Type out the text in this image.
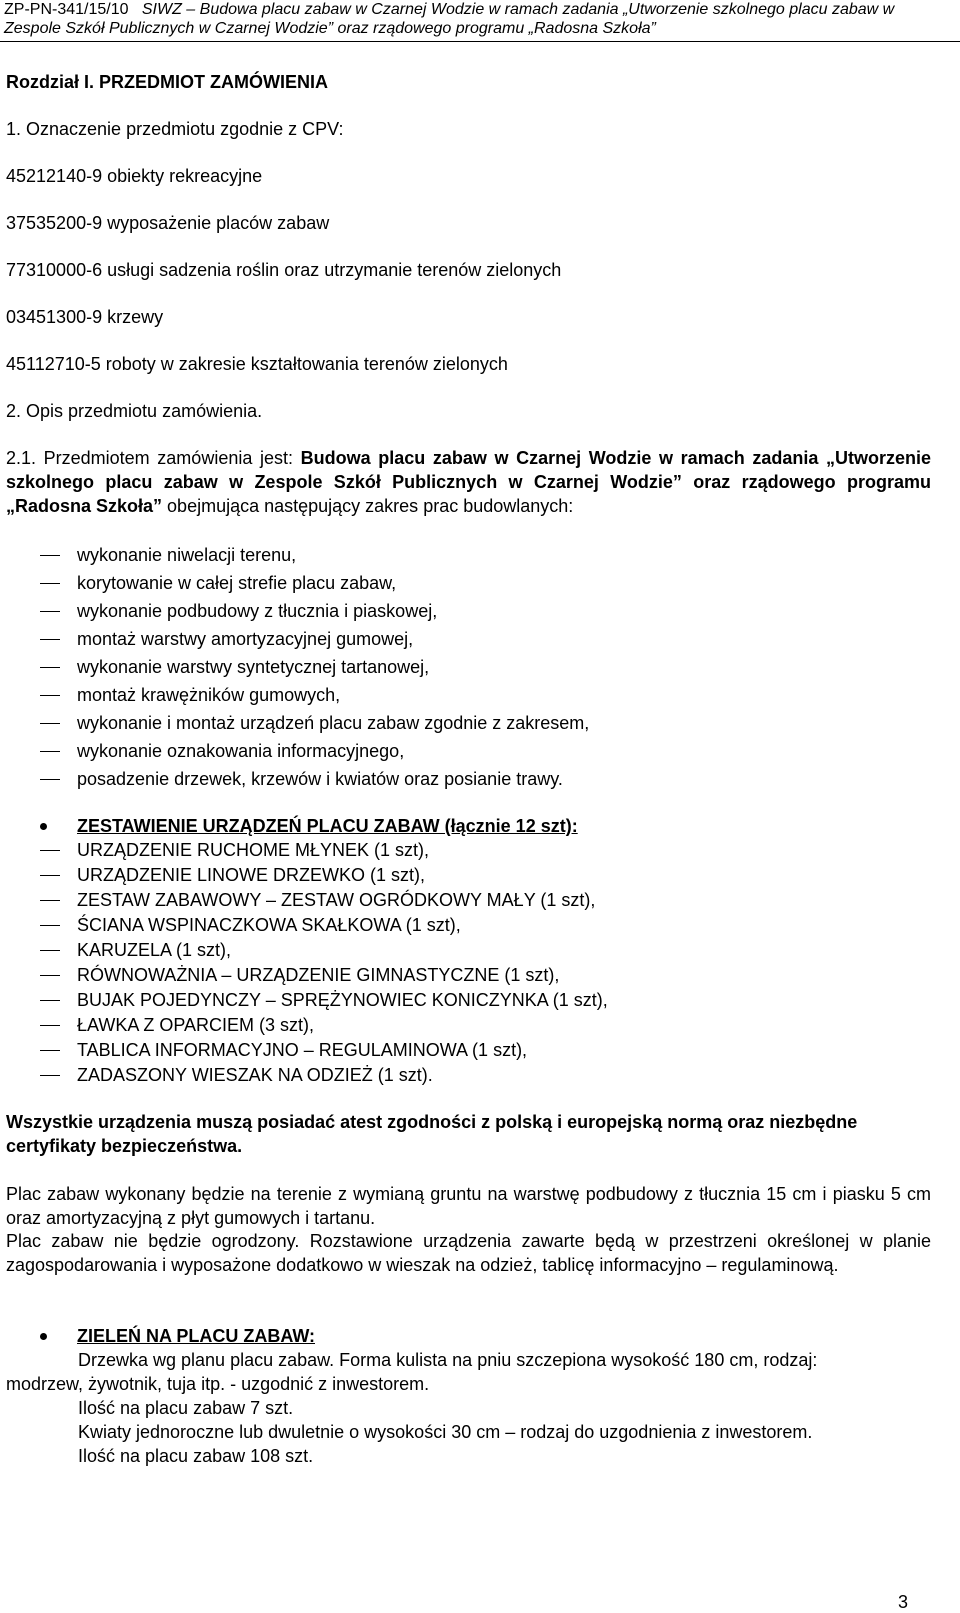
ZP-PN-341/15/10 SIWZ – Budowa placu zabaw w Czarnej Wodzie w ramach zadania „Utworzenie szkolnego placu zabaw w
Zespole Szkół Publicznych w Czarnej Wodzie” oraz rządowego programu „Radosna Szkoła”
Rozdział I. PRZEDMIOT ZAMÓWIENIA
1. Oznaczenie przedmiotu zgodnie z CPV:
45212140-9 obiekty rekreacyjne
37535200-9 wyposażenie placów zabaw
77310000-6 usługi sadzenia roślin oraz utrzymanie terenów zielonych
03451300-9 krzewy
45112710-5 roboty w zakresie kształtowania terenów zielonych
2. Opis przedmiotu zamówienia.
2.1. Przedmiotem zamówienia jest: Budowa placu zabaw w Czarnej Wodzie w ramach zadania „Utworzenie szkolnego placu zabaw w Zespole Szkół Publicznych w Czarnej Wodzie” oraz rządowego programu „Radosna Szkoła” obejmująca następujący zakres prac budowlanych:
wykonanie niwelacji terenu,
korytowanie w całej strefie placu zabaw,
wykonanie podbudowy z tłucznia i piaskowej,
montaż warstwy amortyzacyjnej gumowej,
wykonanie warstwy syntetycznej tartanowej,
montaż krawężników gumowych,
wykonanie i montaż urządzeń placu zabaw zgodnie z zakresem,
wykonanie oznakowania informacyjnego,
posadzenie drzewek, krzewów i kwiatów oraz posianie trawy.
ZESTAWIENIE URZĄDZEŃ PLACU ZABAW (łącznie 12 szt):
URZĄDZENIE RUCHOME MŁYNEK (1 szt),
URZĄDZENIE LINOWE DRZEWKO (1 szt),
ZESTAW ZABAWOWY – ZESTAW OGRÓDKOWY MAŁY (1 szt),
ŚCIANA WSPINACZKOWA SKAŁKOWA (1 szt),
KARUZELA (1 szt),
RÓWNOWAŻNIA – URZĄDZENIE GIMNASTYCZNE (1 szt),
BUJAK POJEDYNCZY – SPRĘŻYNOWIEC KONICZYNKA (1 szt),
ŁAWKA Z OPARCIEM (3 szt),
TABLICA INFORMACYJNO – REGULAMINOWA (1 szt),
ZADASZONY WIESZAK NA ODZIEŻ (1 szt).
Wszystkie urządzenia muszą posiadać atest zgodności z polską i europejską normą oraz niezbędne certyfikaty bezpieczeństwa.
Plac zabaw wykonany będzie na terenie z wymianą gruntu na warstwę podbudowy z tłucznia 15 cm i piasku 5 cm oraz amortyzacyjną z płyt gumowych i tartanu.
Plac zabaw nie będzie ogrodzony. Rozstawione urządzenia zawarte będą w przestrzeni określonej w planie zagospodarowania i wyposażone dodatkowo w wieszak na odzież, tablicę informacyjno – regulaminową.
ZIELEŃ NA PLACU ZABAW:
Drzewka wg planu placu zabaw. Forma kulista na pniu szczepiona wysokość 180 cm, rodzaj:
modrzew, żywotnik, tuja itp. - uzgodnić z inwestorem.
Ilość na placu zabaw 7 szt.
Kwiaty jednoroczne lub dwuletnie o wysokości 30 cm – rodzaj do uzgodnienia z inwestorem.
Ilość na placu zabaw 108 szt.
3
